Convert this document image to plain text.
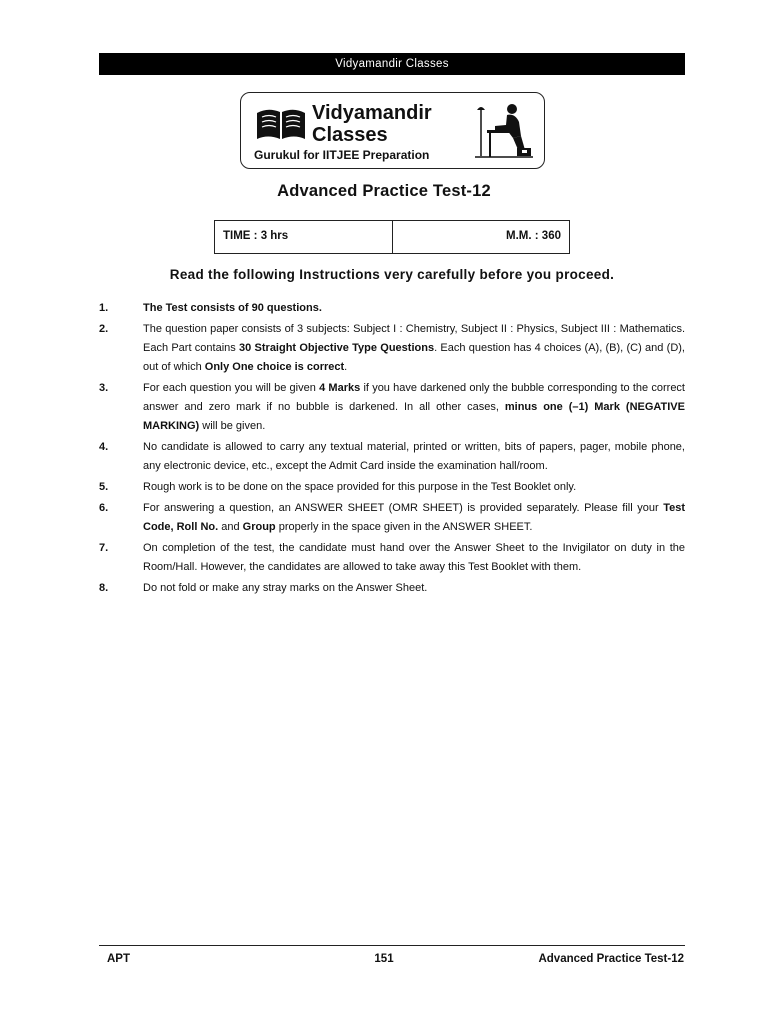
Vidyamandir Classes
Vidyamandir
Classes
Gurukul for IITJEE Preparation
Advanced Practice Test-12
TIME : 3 hrs	M.M. : 360
Read the following Instructions very carefully before you proceed.
1.	The Test consists of 90 questions.
2.	The question paper consists of 3 subjects: Subject I : Chemistry, Subject II : Physics, Subject III : Mathematics. Each Part contains 30 Straight Objective Type Questions. Each question has 4 choices (A), (B), (C) and (D), out of which Only One choice is correct.
3.	For each question you will be given 4 Marks if you have darkened only the bubble corresponding to the correct answer and zero mark if no bubble is darkened. In all other cases, minus one (–1) Mark (NEGATIVE MARKING) will be given.
4.	No candidate is allowed to carry any textual material, printed or written, bits of papers, pager, mobile phone, any electronic device, etc., except the Admit Card inside the examination hall/room.
5.	Rough work is to be done on the space provided for this purpose in the Test Booklet only.
6.	For answering a question, an ANSWER SHEET (OMR SHEET) is provided separately. Please fill your Test Code, Roll No. and Group properly in the space given in the ANSWER SHEET.
7.	On completion of the test, the candidate must hand over the Answer Sheet to the Invigilator on duty in the Room/Hall. However, the candidates are allowed to take away this Test Booklet with them.
8.	Do not fold or make any stray marks on the Answer Sheet.
APT	151	Advanced Practice Test-12
